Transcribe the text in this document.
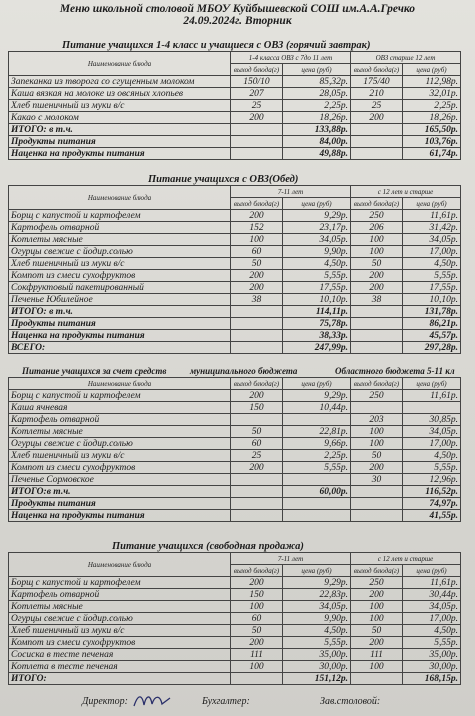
Меню школьной столовой МБОУ Куйбышевской СОШ им.А.А.Гречко
24.09.2024г. Вторник
Питание учащихся 1-4 класс и учащиеся с ОВЗ (горячий завтрак)
Наименование блюда	1-4 класса ОВЗ с 7до 11 лет		ОВЗ старше 12 лет	
	выход блюда(г)	цена (руб)	выход блюда(г)	цена (руб)
Запеканка из творога со сгущенным молоком	150/10	85,32р.	175/40	112,98р.
Каша вязкая на молоке из овсяных хлопьев	207	28,05р.	210	32,01р.
Хлеб пшеничный из муки в/с	25	2,25р.	25	2,25р.
Какао с молоком	200	18,26р.	200	18,26р.
ИТОГО: в т.ч.		133,88р.		165,50р.
Продукты питания		84,00р.		103,76р.
Наценка на продукты питания		49,88р.		61,74р.
Питание учащихся с ОВЗ(Обед)
Наименование блюда	7-11 лет		с 12 лет и старше	
	выход блюда(г)	цена (руб)	выход блюда(г)	цена (руб)
Борщ с капустой и картофелем	200	9,29р.	250	11,61р.
Картофель отварной	152	23,17р.	206	31,42р.
Котлеты мясные	100	34,05р.	100	34,05р.
Огурцы свежие с йодир.солью	60	9,90р.	100	17,00р.
Хлеб пшеничный из муки в/с	50	4,50р.	50	4,50р.
Компот из смеси сухофруктов	200	5,55р.	200	5,55р.
Сокфруктовый пакетированный	200	17,55р.	200	17,55р.
Печенье Юбилейное	38	10,10р.	38	10,10р.
ИТОГО: в т.ч.		114,11р.		131,78р.
Продукты питания		75,78р.		86,21р.
Наценка на продукты питания		38,33р.		45,57р.
ВСЕГО:		247,99р.		297,28р.
Питание учащихся за счет средств	муниципального бюджета	Областного бюджета 5-11 кл
Наименование блюда	выход блюда(г)	цена (руб)	выход блюда(г)	цена (руб)
Борщ с капустой и картофелем	200	9,29р.	250	11,61р.
Каша ячневая	150	10,44р.		
Картофель отварной			203	30,85р.
Котлеты мясные	50	22,81р.	100	34,05р.
Огурцы свежие с йодир.солью	60	9,66р.	100	17,00р.
Хлеб пшеничный из муки в/с	25	2,25р.	50	4,50р.
Компот из смеси сухофруктов	200	5,55р.	200	5,55р.
Печенье Сормовское			30	12,96р.
ИТОГО:в т.ч.		60,00р.		116,52р.
Продукты питания				74,97р.
Наценка на продукты питания				41,55р.
Питание учащихся (свободная продажа)
Наименование блюда	7-11 лет		с 12 лет и старше	
	выход блюда(г)	цена (руб)	выход блюда(г)	цена (руб)
Борщ с капустой и картофелем	200	9,29р.	250	11,61р.
Картофель отварной	150	22,83р.	200	30,44р.
Котлеты мясные	100	34,05р.	100	34,05р.
Огурцы свежие с йодир.солью	60	9,90р.	100	17,00р.
Хлеб пшеничный из муки в/с	50	4,50р.	50	4,50р.
Компот из смеси сухофруктов	200	5,55р.	200	5,55р.
Сосиска в тесте печеная	111	35,00р.	111	35,00р.
Котлета в тесте печеная	100	30,00р.	100	30,00р.
ИТОГО:		151,12р.		168,15р.
Директор:	Бухгалтер:	Зав.столовой:
